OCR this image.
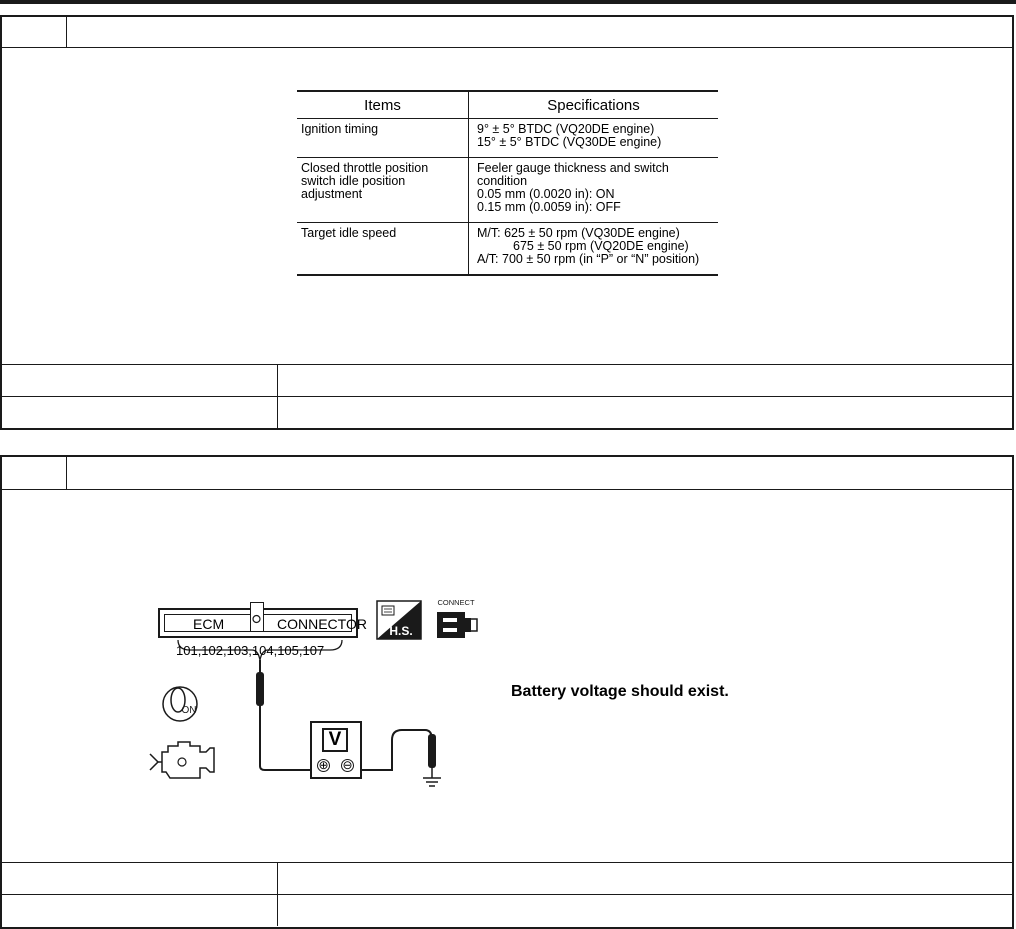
Items	Specifications

Ignition timing	9° ± 5° BTDC (VQ20DE engine)
15° ± 5° BTDC (VQ30DE engine)

Closed throttle position
switch idle position
adjustment	Feeler gauge thickness and switch
condition
0.05 mm (0.0020 in): ON
0.15 mm (0.0059 in): OFF

Target idle speed	M/T: 625 ± 50 rpm (VQ30DE engine)
675 ± 50 rpm (VQ20DE engine)
A/T: 700 ± 50 rpm (in “P” or “N” position)
ECM	CONNECTOR
101,102,103,104,105,107
H.S.
CONNECT
ON
V
⊕ ⊖
Battery voltage should exist.
